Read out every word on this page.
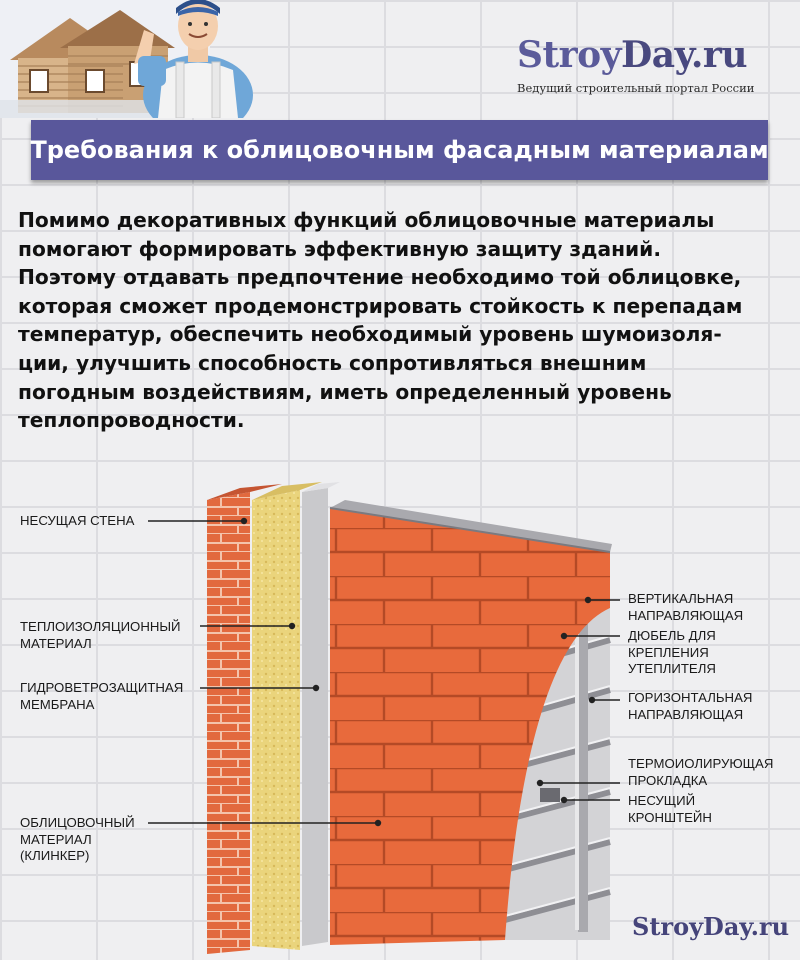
StroyDay.ru
Ведущий строительный портал России
Требования к облицовочным фасадным материалам
Помимо декоративных функций облицовочные материалы
помогают формировать эффективную защиту зданий.
Поэтому отдавать предпочтение необходимо той облицовке,
которая сможет продемонстрировать стойкость к перепадам
температур, обеспечить необходимый уровень шумоизоля-
ции, улучшить способность сопротивляться внешним
погодным воздействиям, иметь определенный уровень
теплопроводности.
НЕСУЩАЯ СТЕНА
ТЕПЛОИЗОЛЯЦИОННЫЙ
МАТЕРИАЛ
ГИДРОВЕТРОЗАЩИТНАЯ
МЕМБРАНА
ОБЛИЦОВОЧНЫЙ
МАТЕРИАЛ
(КЛИНКЕР)
ВЕРТИКАЛЬНАЯ
НАПРАВЛЯЮЩАЯ
ДЮБЕЛЬ ДЛЯ
КРЕПЛЕНИЯ
УТЕПЛИТЕЛЯ
ГОРИЗОНТАЛЬНАЯ
НАПРАВЛЯЮЩАЯ
ТЕРМОИОЛИРУЮЩАЯ
ПРОКЛАДКА
НЕСУЩИЙ
КРОНШТЕЙН
StroyDay.ru
